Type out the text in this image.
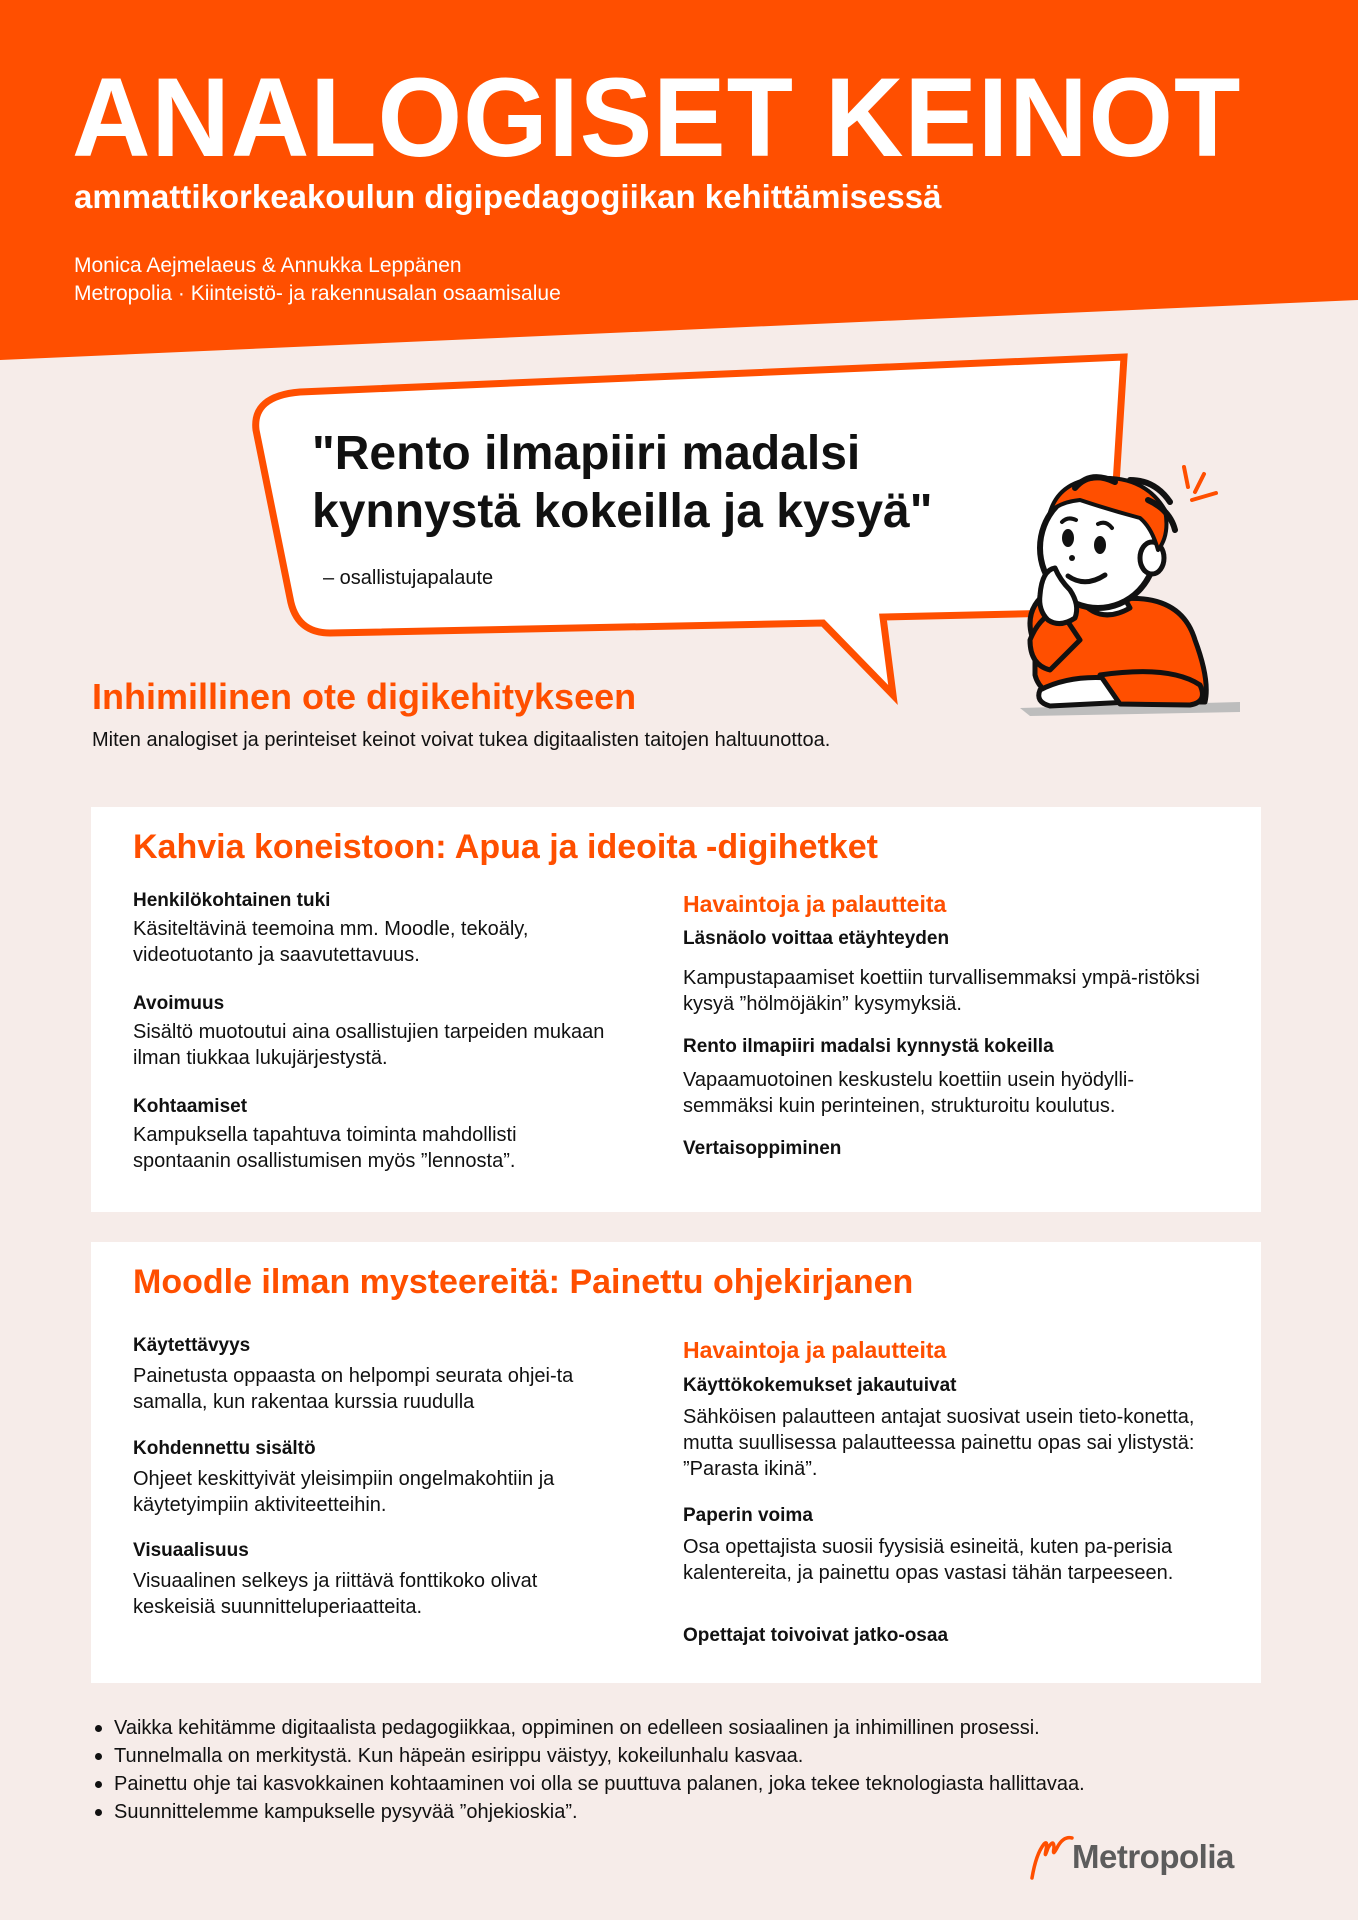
ANALOGISET KEINOT
ammattikorkeakoulun digipedagogiikan kehittämisessä
Monica Aejmelaeus & Annukka Leppänen
Metropolia · Kiinteistö- ja rakennusalan osaamisalue
"Rento ilmapiiri madalsi
kynnystä kokeilla ja kysyä"
– osallistujapalaute
Inhimillinen ote digikehitykseen
Miten analogiset ja perinteiset keinot voivat tukea digitaalisten taitojen haltuunottoa.
Kahvia koneistoon: Apua ja ideoita -digihetket
Henkilökohtainen tuki
Käsiteltävinä teemoina mm. Moodle, tekoäly, videotuotanto ja saavutettavuus.
Avoimuus
Sisältö muotoutui aina osallistujien tarpeiden mukaan ilman tiukkaa lukujärjestystä.
Kohtaamiset
Kampuksella tapahtuva toiminta mahdollisti spontaanin osallistumisen myös ”lennosta”.
Havaintoja ja palautteita
Läsnäolo voittaa etäyhteyden
Kampustapaamiset koettiin turvallisemmaksi ympä-ristöksi kysyä ”hölmöjäkin” kysymyksiä.
Rento ilmapiiri madalsi kynnystä kokeilla
Vapaamuotoinen keskustelu koettiin usein hyödylli-semmäksi kuin perinteinen, strukturoitu koulutus.
Vertaisoppiminen
Moodle ilman mysteereitä: Painettu ohjekirjanen
Käytettävyys
Painetusta oppaasta on helpompi seurata ohjei-ta samalla, kun rakentaa kurssia ruudulla
Kohdennettu sisältö
Ohjeet keskittyivät yleisimpiin ongelmakohtiin ja käytetyimpiin aktiviteetteihin.
Visuaalisuus
Visuaalinen selkeys ja riittävä fonttikoko olivat keskeisiä suunnitteluperiaatteita.
Havaintoja ja palautteita
Käyttökokemukset jakautuivat
Sähköisen palautteen antajat suosivat usein tieto-konetta, mutta suullisessa palautteessa painettu opas sai ylistystä: ”Parasta ikinä”.
Paperin voima
Osa opettajista suosii fyysisiä esineitä, kuten pa-perisia kalentereita, ja painettu opas vastasi tähän tarpeeseen.
Opettajat toivoivat jatko-osaa
Vaikka kehitämme digitaalista pedagogiikkaa, oppiminen on edelleen sosiaalinen ja inhimillinen prosessi.
Tunnelmalla on merkitystä. Kun häpeän esirippu väistyy, kokeilunhalu kasvaa.
Painettu ohje tai kasvokkainen kohtaaminen voi olla se puuttuva palanen, joka tekee teknologiasta hallittavaa.
Suunnittelemme kampukselle pysyvää ”ohjekioskia”.
Metropolia
